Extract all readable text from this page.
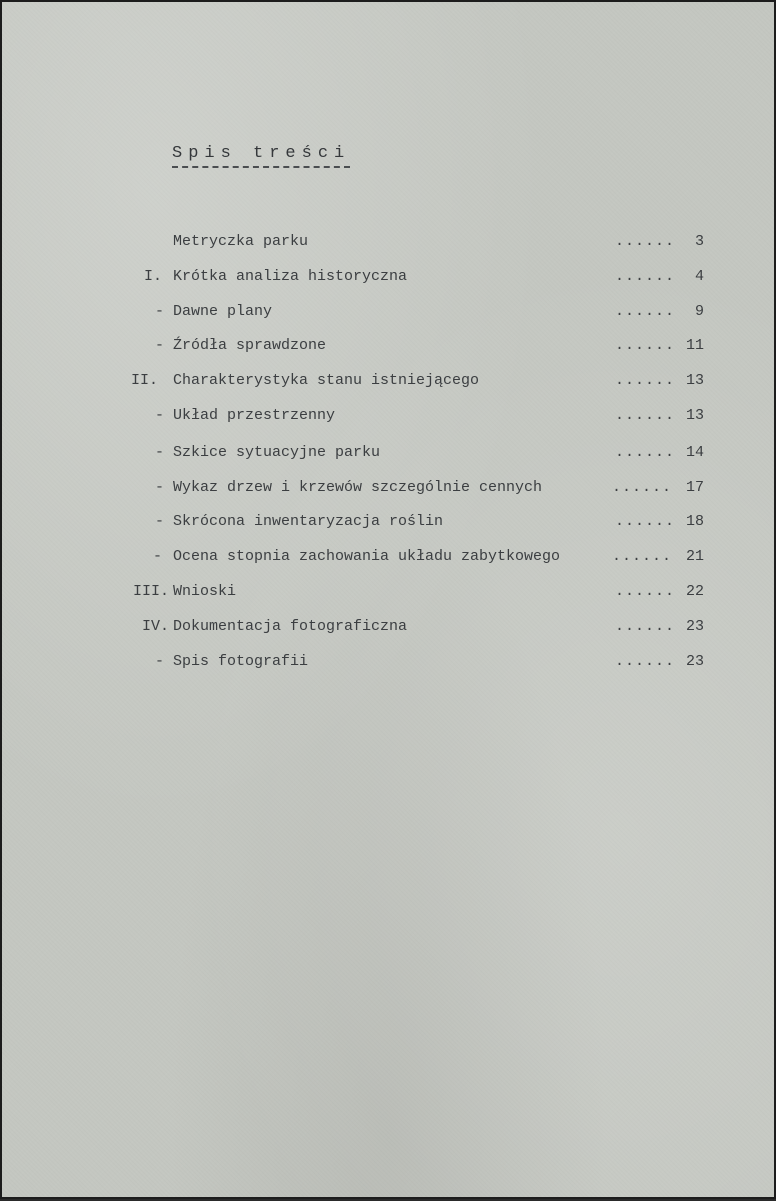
Spis treści
Metryczka parku	...... 3
I. Krótka analiza historyczna	...... 4
- Dawne plany	...... 9
- Źródła sprawdzone	...... 11
II. Charakterystyka stanu istniejącego	...... 13
- Układ przestrzenny	...... 13
- Szkice sytuacyjne parku	...... 14
- Wykaz drzew i krzewów szczególnie cennych	...... 17
- Skrócona inwentaryzacja roślin	...... 18
- Ocena stopnia zachowania układu zabytkowego	...... 21
III. Wnioski	...... 22
IV. Dokumentacja fotograficzna	...... 23
- Spis fotografii	...... 23
